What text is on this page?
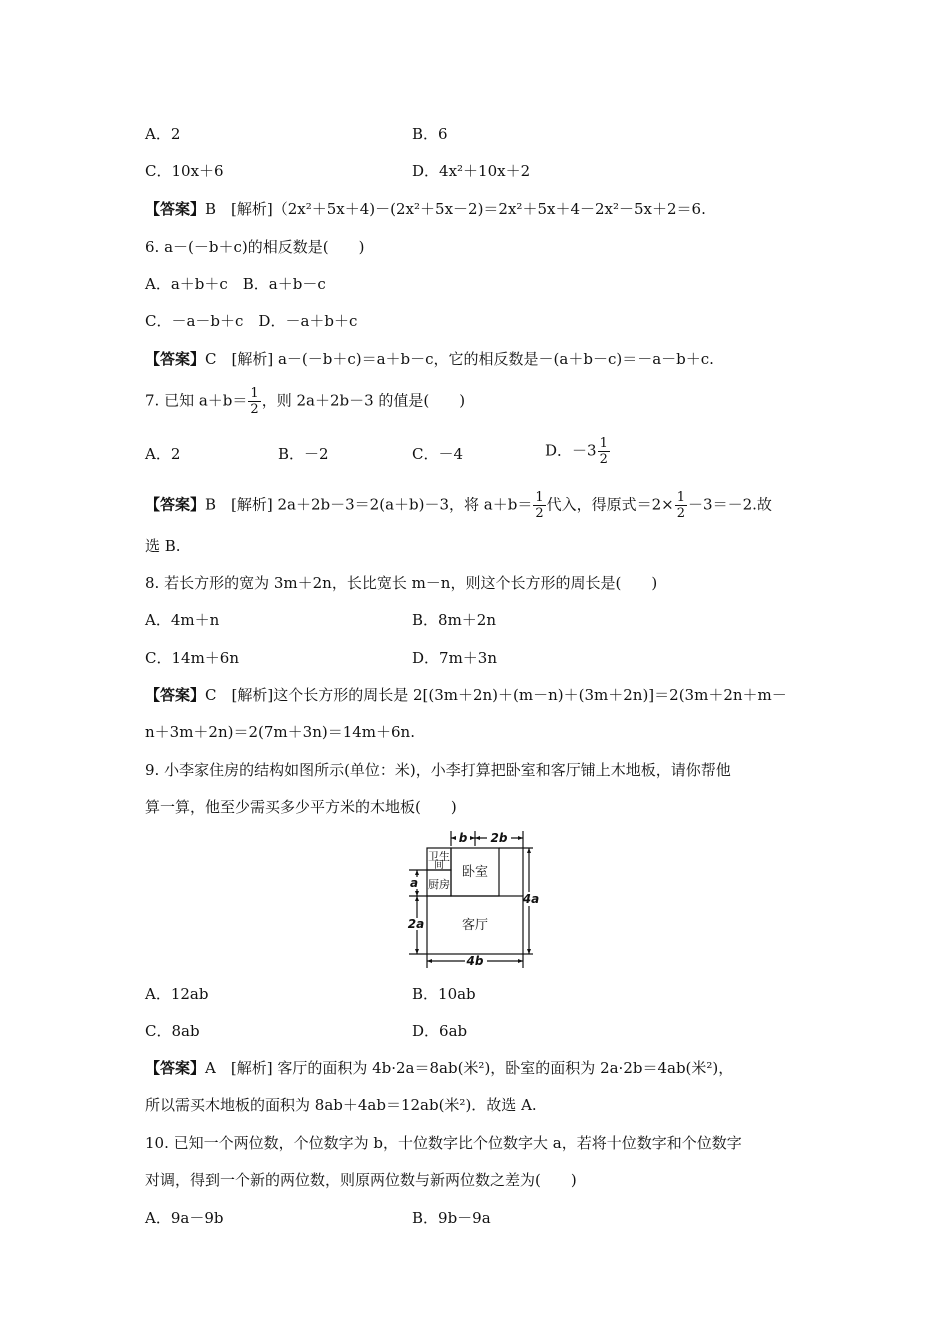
A．2	B．6
C．10x＋6	D．4x²＋10x＋2
【答案】B　[解析]（2x²＋5x＋4)－(2x²＋5x－2)＝2x²＋5x＋4－2x²－5x＋2＝6.
6. a－(－b＋c)的相反数是(　　)
A．a＋b＋c　B．a＋b－c
C．－a－b＋c　D．－a＋b＋c
【答案】C　[解析] a－(－b＋c)＝a＋b－c，它的相反数是－(a＋b－c)＝－a－b＋c.
7. 已知 $a+b= \frac{1}{2}$ ，则 2a＋2b－3 的值是(　　)
A．2	B．－2	C．－4	D．$-3 \frac{1}{2}$
【答案】B　[解析] 2a＋2b－3＝2(a＋b)－3，将 $a+b= \frac{1}{2}$ 代入，得原式$=2\times \frac{1}{2} -3=-2$.故
选 B.
8. 若长方形的宽为 3m＋2n，长比宽长 m－n，则这个长方形的周长是(　　)
A．4m＋n	B．8m＋2n
C．14m＋6n	D．7m＋3n
【答案】C　[解析]这个长方形的周长是 2[(3m＋2n)＋(m－n)＋(3m＋2n)]＝2(3m＋2n＋m－
n＋3m＋2n)＝2(7m＋3n)＝14m＋6n.
9. 小李家住房的结构如图所示(单位：米)，小李打算把卧室和客厅铺上木地板，请你帮他
算一算，他至少需买多少平方米的木地板(　　)
b 2b
4a
a
2a
4b
卫生
间 卧室
厨房
客厅
A．12ab	B．10ab
C．8ab	D．6ab
【答案】A　[解析] 客厅的面积为 4b·2a＝8ab(米²)，卧室的面积为 2a·2b＝4ab(米²)，
所以需买木地板的面积为 8ab＋4ab＝12ab(米²)．故选 A.
10. 已知一个两位数，个位数字为 b，十位数字比个位数字大 a，若将十位数字和个位数字
对调，得到一个新的两位数，则原两位数与新两位数之差为(　　)
A．9a－9b	B．9b－9a
